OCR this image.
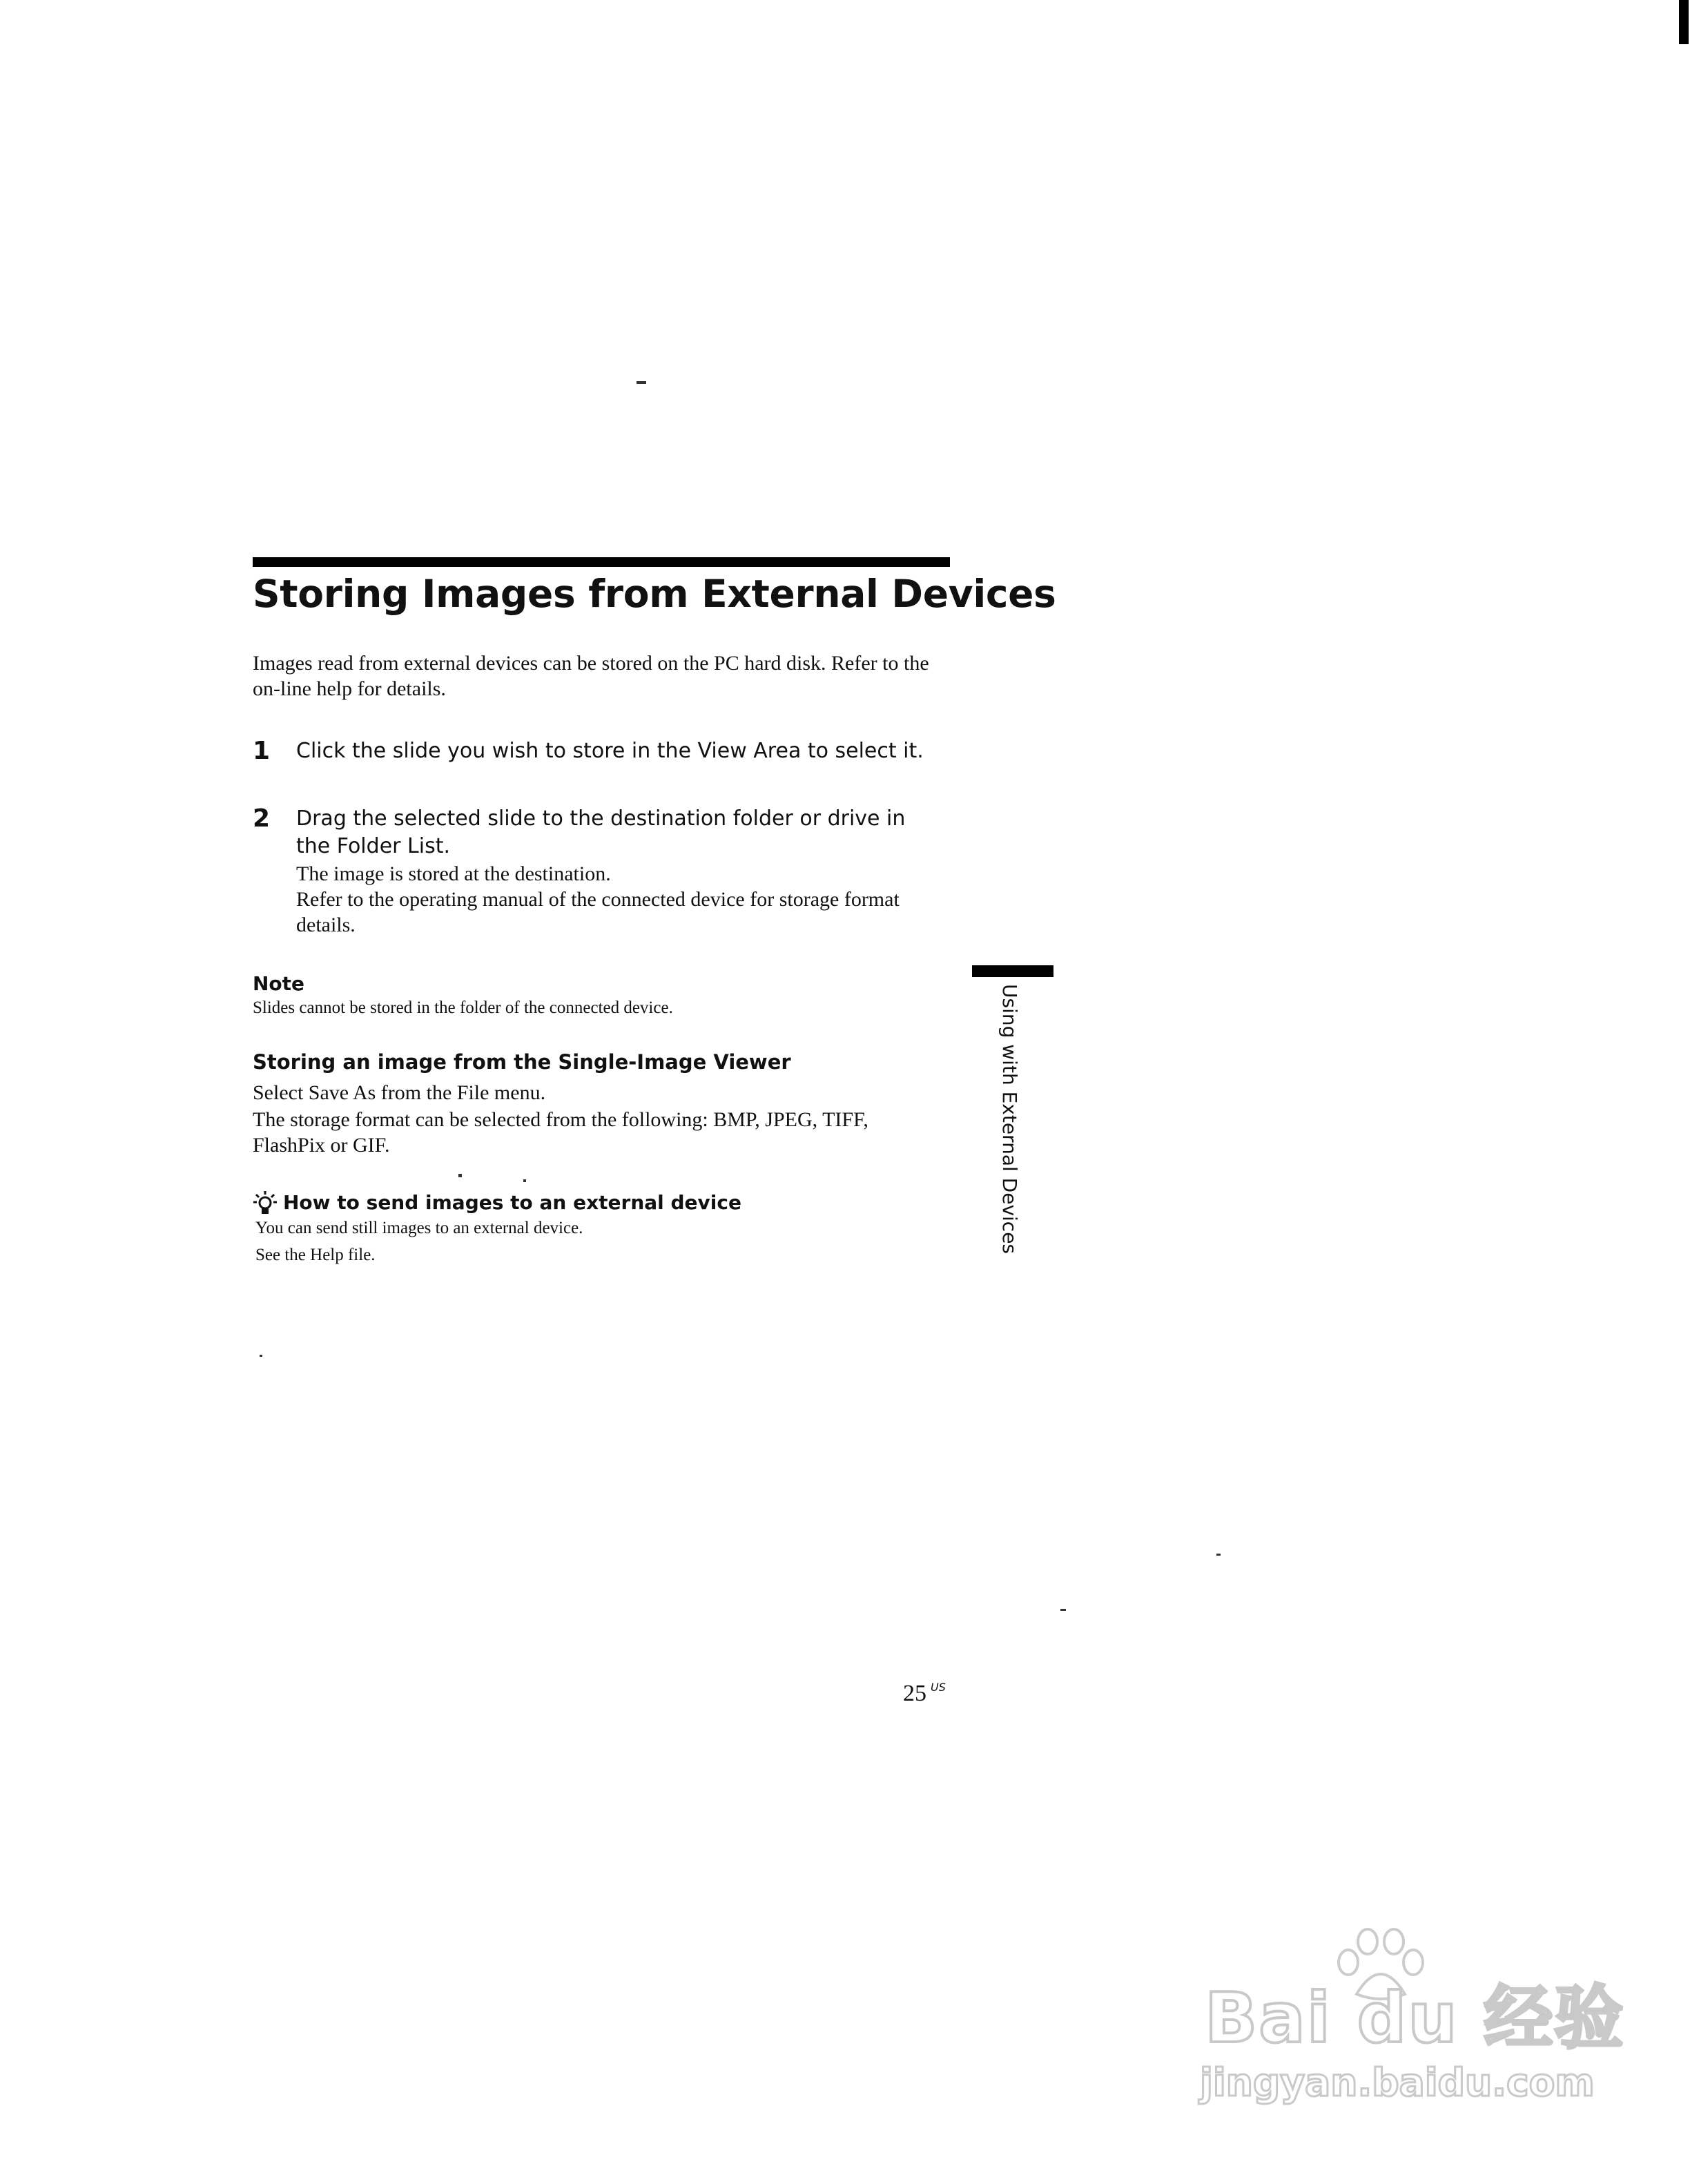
Storing Images from External Devices

Images read from external devices can be stored on the PC hard disk. Refer to the on-line help for details.

1 Click the slide you wish to store in the View Area to select it.
2 Drag the selected slide to the destination folder or drive in the Folder List.
The image is stored at the destination.
Refer to the operating manual of the connected device for storage format details.
Note
Slides cannot be stored in the folder of the connected device.
Storing an image from the Single-Image Viewer
Select Save As from the File menu.
The storage format can be selected from the following: BMP, JPEG, TIFF, FlashPix or GIF.
How to send images to an external device
You can send still images to an external device.
See the Help file.
Using with External Devices
25 $^{US}$
Bai du 经验
jingyan.baidu.com
